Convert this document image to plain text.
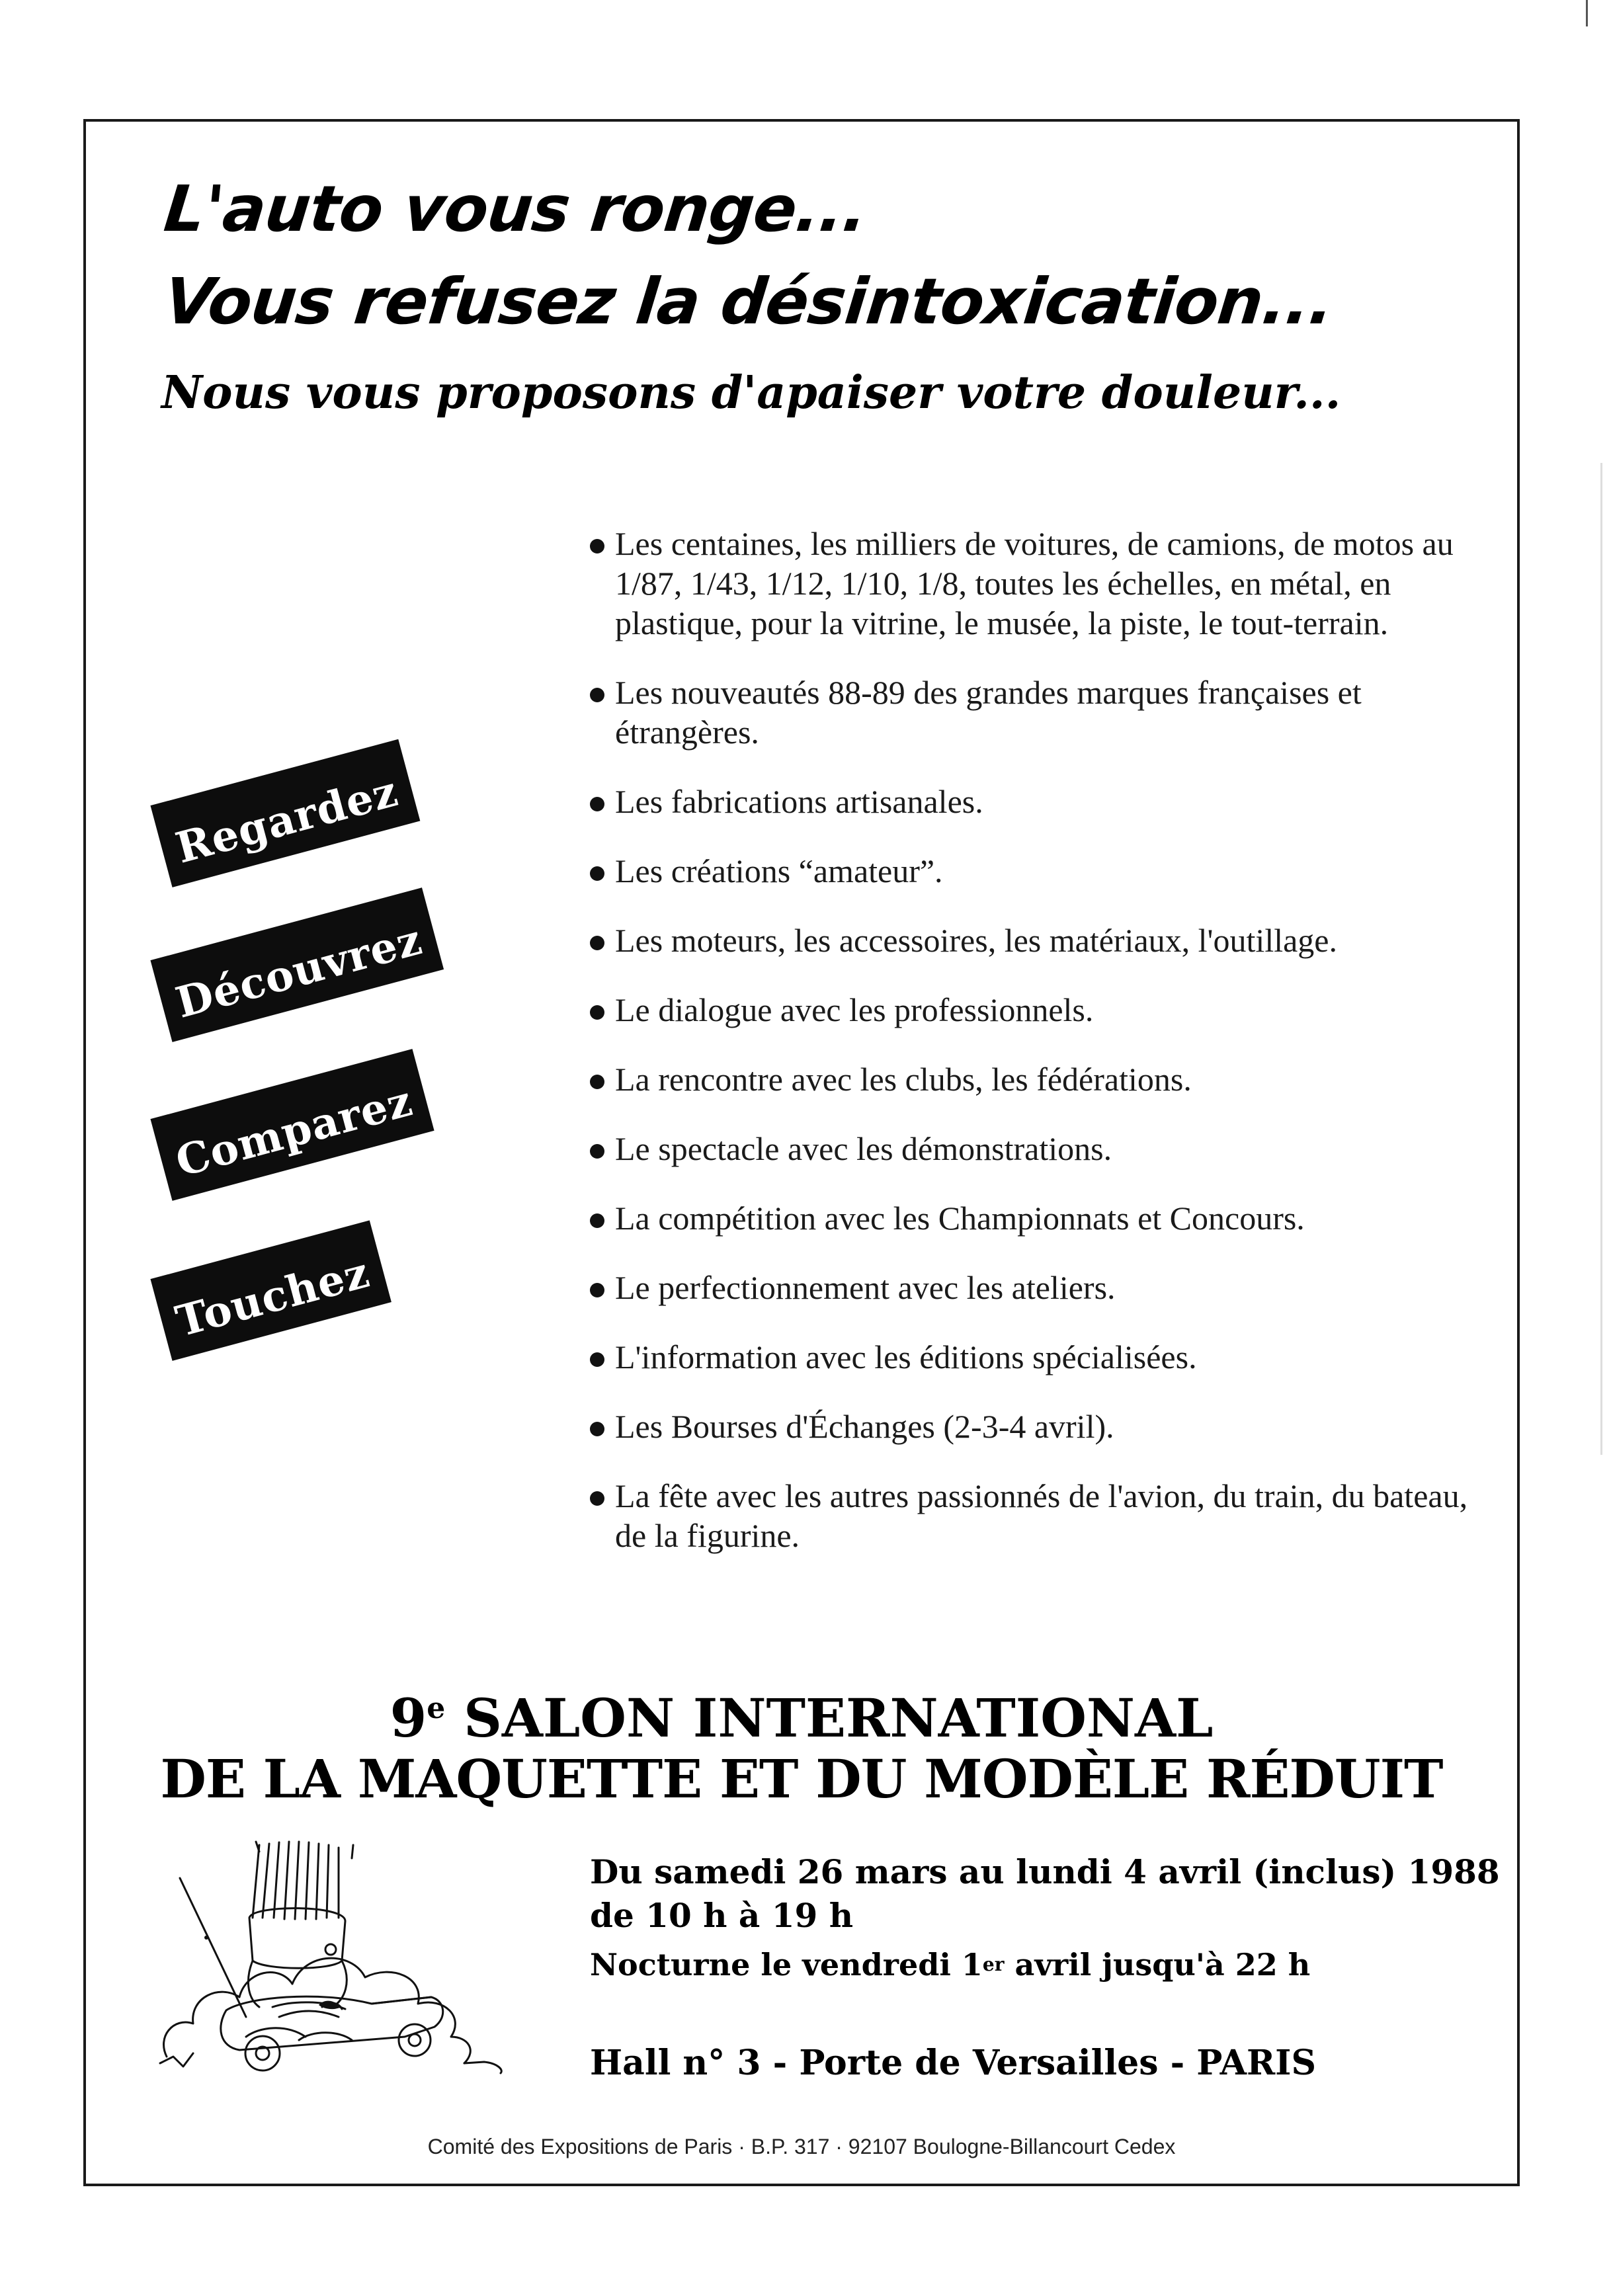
L'auto vous ronge...
Vous refusez la désintoxication...
Nous vous proposons d'apaiser votre douleur...
Regardez
Découvrez
Comparez
Touchez
Les centaines, les milliers de voitures, de camions, de motos au 1/87, 1/43, 1/12, 1/10, 1/8, toutes les échelles, en métal, en plastique, pour la vitrine, le musée, la piste, le tout-terrain.
Les nouveautés 88-89 des grandes marques françaises et étrangères.
Les fabrications artisanales.
Les créations “amateur”.
Les moteurs, les accessoires, les matériaux, l'outillage.
Le dialogue avec les professionnels.
La rencontre avec les clubs, les fédérations.
Le spectacle avec les démonstrations.
La compétition avec les Championnats et Concours.
Le perfectionnement avec les ateliers.
L'information avec les éditions spécialisées.
Les Bourses d'Échanges (2-3-4 avril).
La fête avec les autres passionnés de l'avion, du train, du bateau, de la figurine.
9e SALON INTERNATIONAL
DE LA MAQUETTE ET DU MODÈLE RÉDUIT

Du samedi 26 mars au lundi 4 avril (inclus) 1988

de 10 h à 19 h

Nocturne le vendredi 1er avril jusqu'à 22 h

Hall n° 3 - Porte de Versailles - PARIS

Comité des Expositions de Paris · B.P. 317 · 92107 Boulogne-Billancourt Cedex
